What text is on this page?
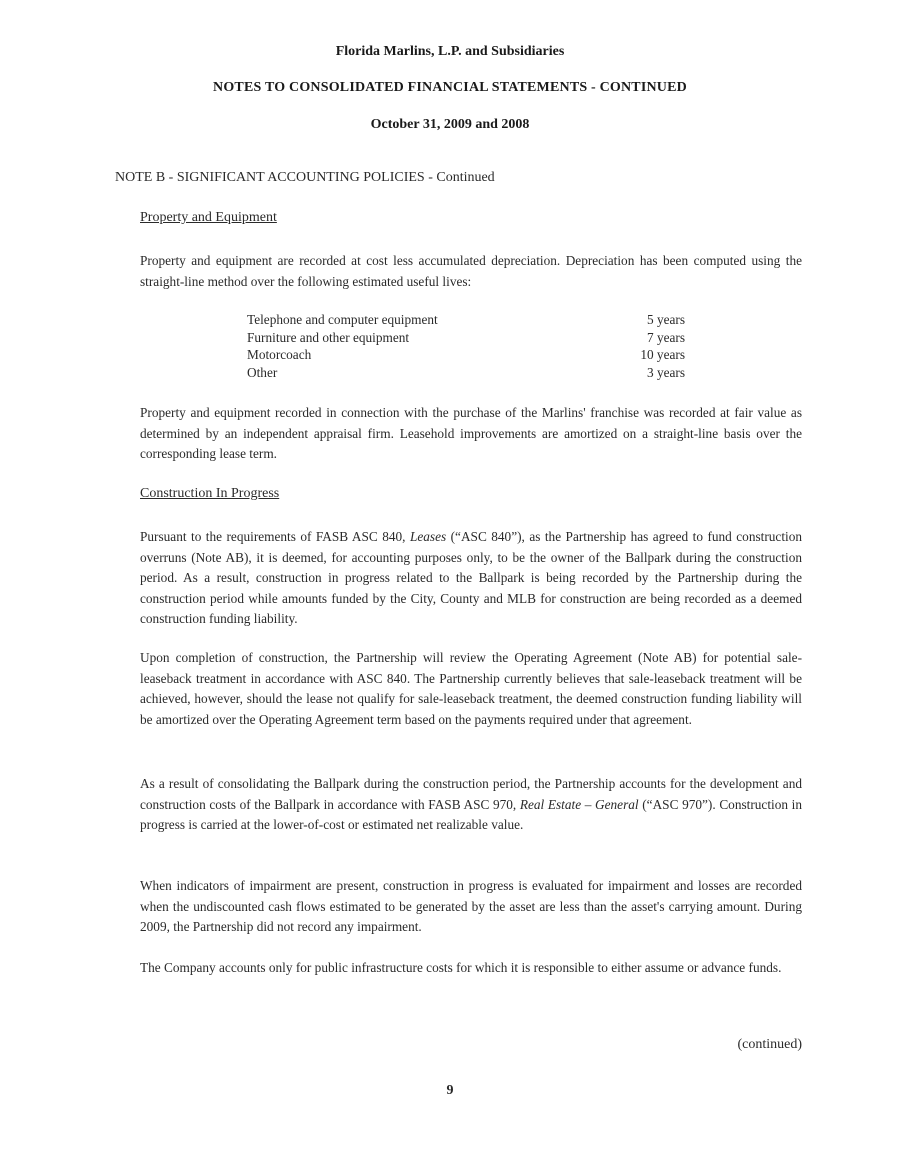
Florida Marlins, L.P. and Subsidiaries
NOTES TO CONSOLIDATED FINANCIAL STATEMENTS - CONTINUED
October 31, 2009 and 2008
NOTE B - SIGNIFICANT ACCOUNTING POLICIES - Continued
Property and Equipment

Property and equipment are recorded at cost less accumulated depreciation. Depreciation has been computed using the straight-line method over the following estimated useful lives:

Telephone and computer equipment	5 years
Furniture and other equipment	7 years
Motorcoach	10 years
Other	3 years

Property and equipment recorded in connection with the purchase of the Marlins' franchise was recorded at fair value as determined by an independent appraisal firm. Leasehold improvements are amortized on a straight-line basis over the corresponding lease term.

Construction In Progress

Pursuant to the requirements of FASB ASC 840, Leases (“ASC 840”), as the Partnership has agreed to fund construction overruns (Note AB), it is deemed, for accounting purposes only, to be the owner of the Ballpark during the construction period. As a result, construction in progress related to the Ballpark is being recorded by the Partnership during the construction period while amounts funded by the City, County and MLB for construction are being recorded as a deemed construction funding liability.

Upon completion of construction, the Partnership will review the Operating Agreement (Note AB) for potential sale-leaseback treatment in accordance with ASC 840. The Partnership currently believes that sale-leaseback treatment will be achieved, however, should the lease not qualify for sale-leaseback treatment, the deemed construction funding liability will be amortized over the Operating Agreement term based on the payments required under that agreement.

As a result of consolidating the Ballpark during the construction period, the Partnership accounts for the development and construction costs of the Ballpark in accordance with FASB ASC 970, Real Estate – General (“ASC 970”). Construction in progress is carried at the lower-of-cost or estimated net realizable value.

When indicators of impairment are present, construction in progress is evaluated for impairment and losses are recorded when the undiscounted cash flows estimated to be generated by the asset are less than the asset's carrying amount. During 2009, the Partnership did not record any impairment.

The Company accounts only for public infrastructure costs for which it is responsible to either assume or advance funds.

(continued)
9
